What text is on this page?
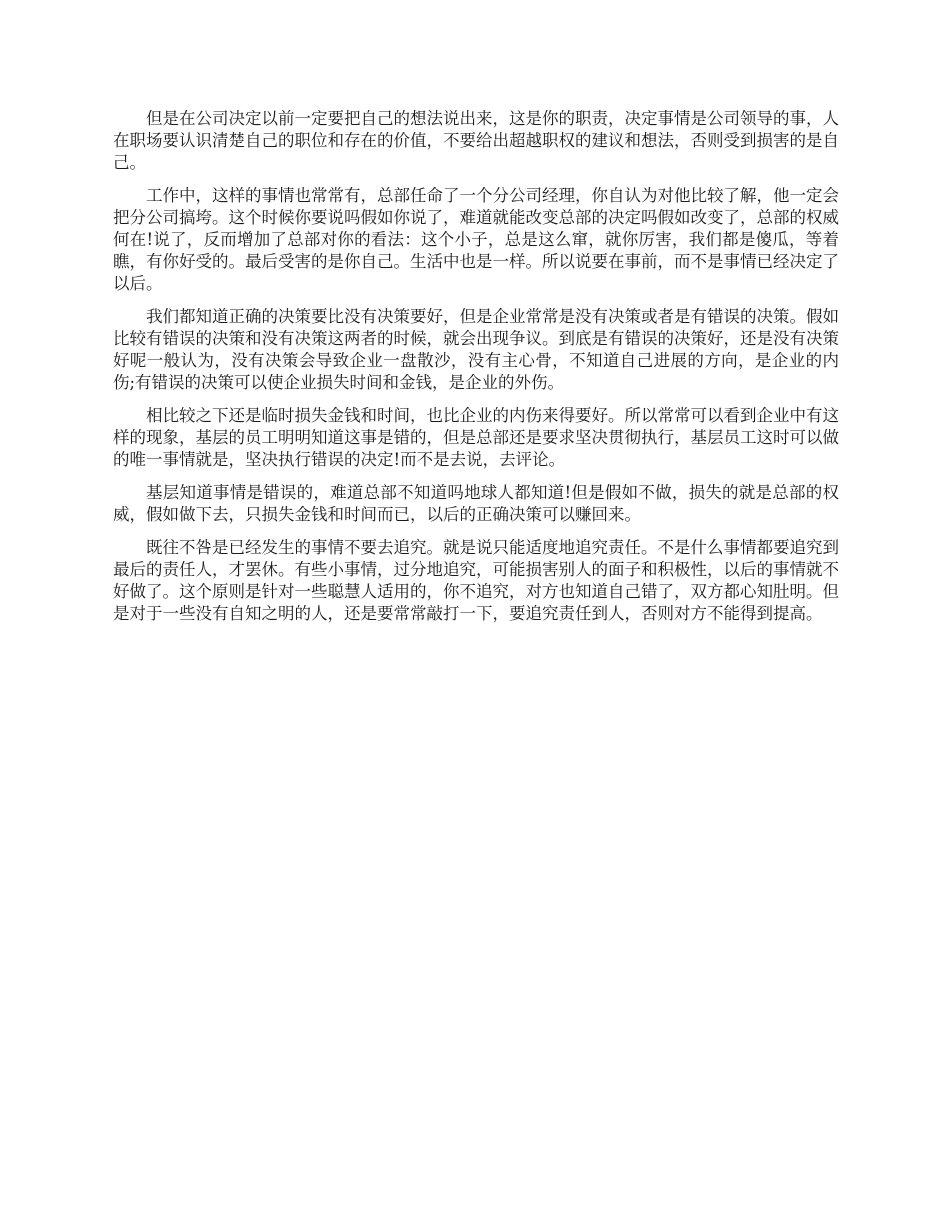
但是在公司决定以前一定要把自己的想法说出来，这是你的职责，决定事情是公司领导的事，人在职场要认识清楚自己的职位和存在的价值，不要给出超越职权的建议和想法，否则受到损害的是自己。

工作中，这样的事情也常常有，总部任命了一个分公司经理，你自认为对他比较了解，他一定会把分公司搞垮。这个时候你要说吗假如你说了，难道就能改变总部的决定吗假如改变了，总部的权威何在!说了，反而增加了总部对你的看法：这个小子，总是这么窜，就你厉害，我们都是傻瓜，等着瞧，有你好受的。最后受害的是你自己。生活中也是一样。所以说要在事前，而不是事情已经决定了以后。

我们都知道正确的决策要比没有决策要好，但是企业常常是没有决策或者是有错误的决策。假如比较有错误的决策和没有决策这两者的时候，就会出现争议。到底是有错误的决策好，还是没有决策好呢一般认为，没有决策会导致企业一盘散沙，没有主心骨，不知道自己进展的方向，是企业的内伤;有错误的决策可以使企业损失时间和金钱，是企业的外伤。

相比较之下还是临时损失金钱和时间，也比企业的内伤来得要好。所以常常可以看到企业中有这样的现象，基层的员工明明知道这事是错的，但是总部还是要求坚决贯彻执行，基层员工这时可以做的唯一事情就是，坚决执行错误的决定!而不是去说，去评论。

基层知道事情是错误的，难道总部不知道吗地球人都知道!但是假如不做，损失的就是总部的权威，假如做下去，只损失金钱和时间而已，以后的正确决策可以赚回来。

既往不咎是已经发生的事情不要去追究。就是说只能适度地追究责任。不是什么事情都要追究到最后的责任人，才罢休。有些小事情，过分地追究，可能损害别人的面子和积极性，以后的事情就不好做了。这个原则是针对一些聪慧人适用的，你不追究，对方也知道自己错了，双方都心知肚明。但是对于一些没有自知之明的人，还是要常常敲打一下，要追究责任到人，否则对方不能得到提高。
